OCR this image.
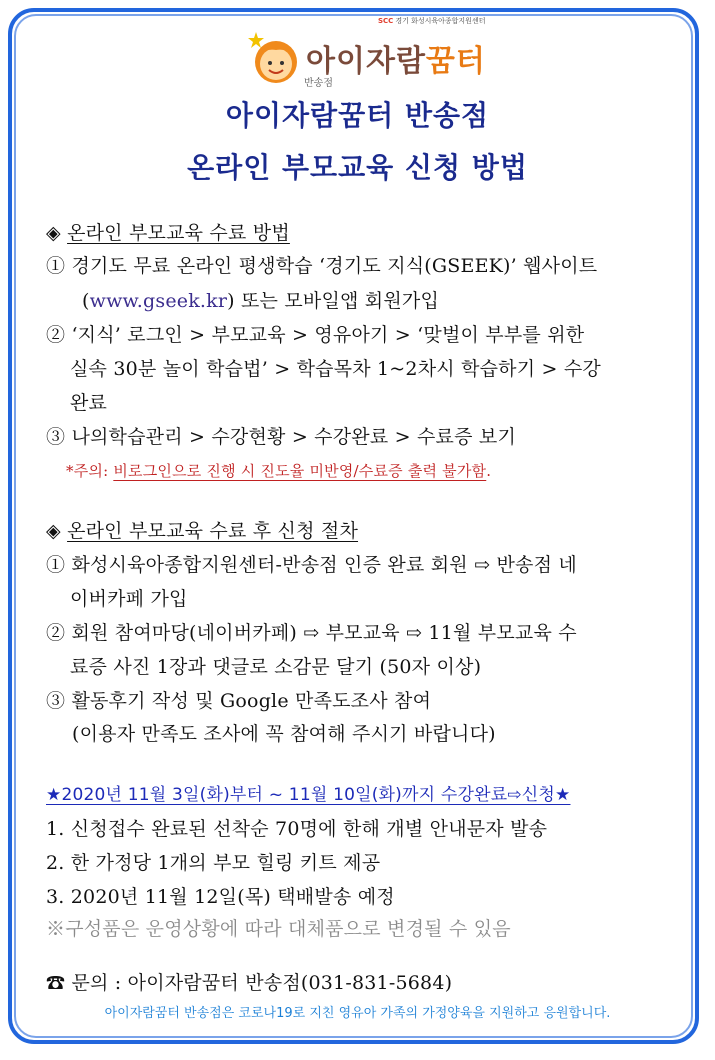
아이자람꿈터
반송점
SCC 경기 화성시육아종합지원센터
아이자람꿈터 반송점
온라인 부모교육 신청 방법
◈ 온라인 부모교육 수료 방법
① 경기도 무료 온라인 평생학습 ‘경기도 지식(GSEEK)’ 웹사이트
(www.gseek.kr) 또는 모바일앱 회원가입
② ‘지식’ 로그인 > 부모교육 > 영유아기 > ‘맞벌이 부부를 위한
실속 30분 놀이 학습법’ > 학습목차 1~2차시 학습하기 > 수강
완료
③ 나의학습관리 > 수강현황 > 수강완료 > 수료증 보기
*주의: 비로그인으로 진행 시 진도율 미반영/수료증 출력 불가함.
◈ 온라인 부모교육 수료 후 신청 절차
① 화성시육아종합지원센터-반송점 인증 완료 회원 ⇨ 반송점 네
이버카페 가입
② 회원 참여마당(네이버카페) ⇨ 부모교육 ⇨ 11월 부모교육 수
료증 사진 1장과 댓글로 소감문 달기 (50자 이상)
③ 활동후기 작성 및 Google 만족도조사 참여
(이용자 만족도 조사에 꼭 참여해 주시기 바랍니다)
★2020년 11월 3일(화)부터 ~ 11월 10일(화)까지 수강완료⇨신청★
1. 신청접수 완료된 선착순 70명에 한해 개별 안내문자 발송
2. 한 가정당 1개의 부모 힐링 키트 제공
3. 2020년 11월 12일(목) 택배발송 예정
※구성품은 운영상황에 따라 대체품으로 변경될 수 있음
☎ 문의 : 아이자람꿈터 반송점(031-831-5684)
아이자람꿈터 반송점은 코로나19로 지친 영유아 가족의 가정양육을 지원하고 응원합니다.
